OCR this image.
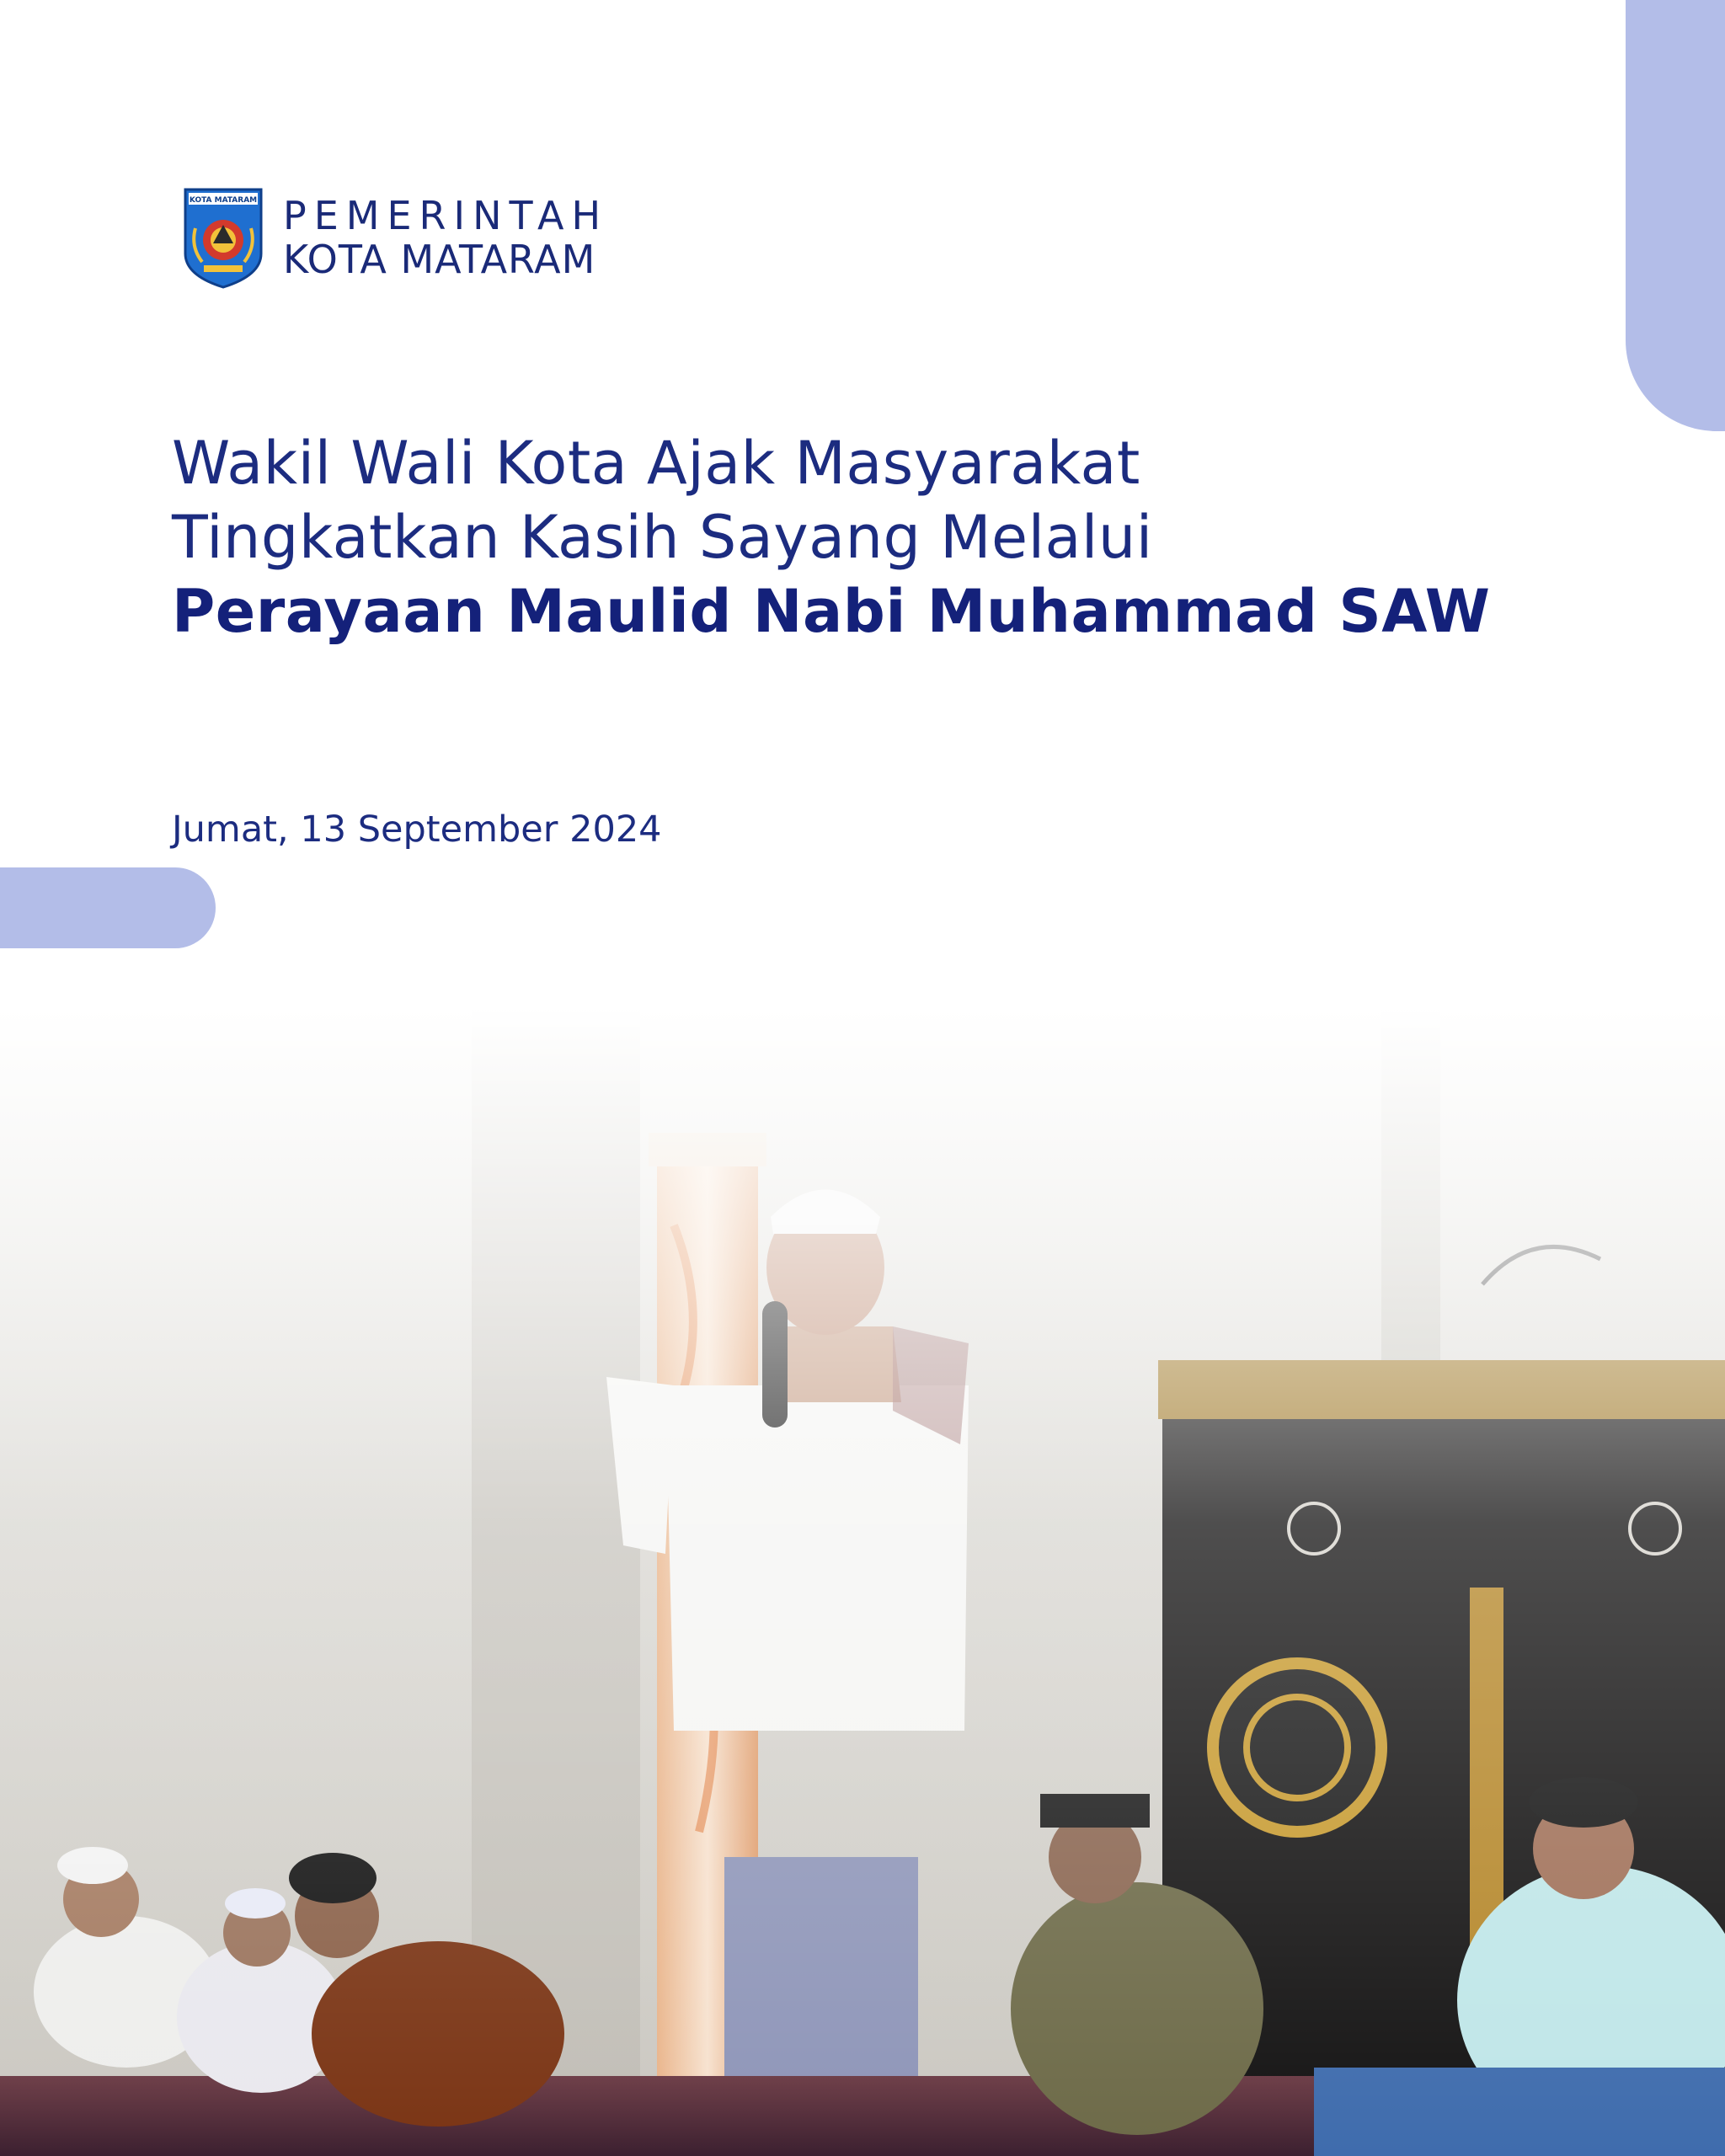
KOTA MATARAM PEMERINTAH
KOTA MATARAM
Wakil Wali Kota Ajak Masyarakat
Tingkatkan Kasih Sayang Melalui
Perayaan Maulid Nabi Muhammad SAW
Jumat, 13 September 2024
